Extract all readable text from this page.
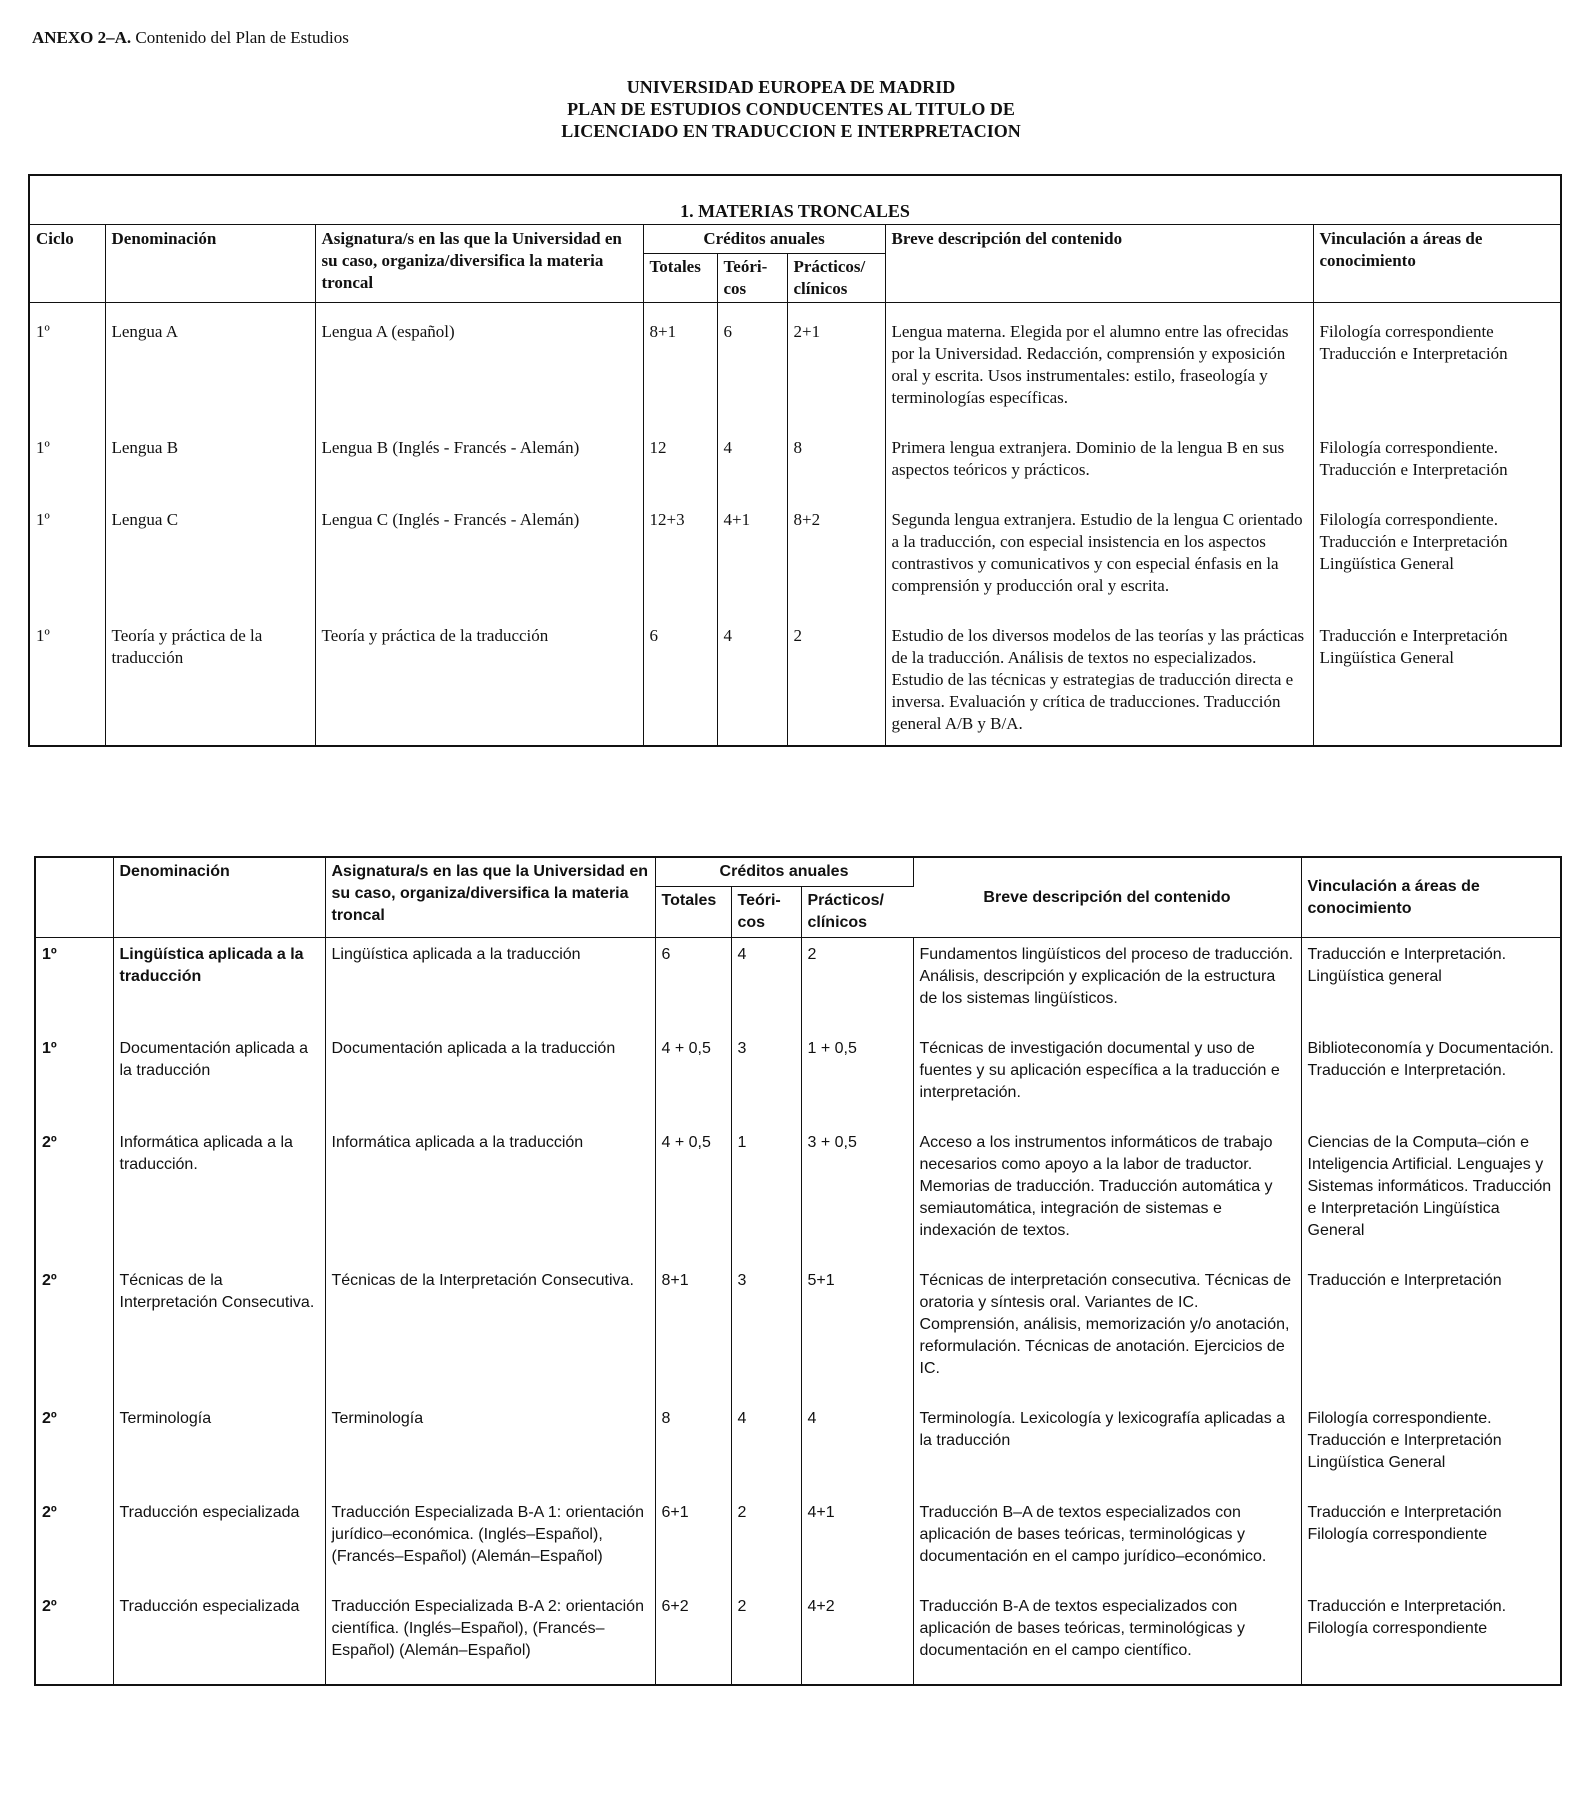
ANEXO 2–A. Contenido del Plan de Estudios
UNIVERSIDAD EUROPEA DE MADRID
PLAN DE ESTUDIOS CONDUCENTES AL TITULO DE
LICENCIADO EN TRADUCCION E INTERPRETACION
1. MATERIAS TRONCALES							
Ciclo	Denominación	Asignatura/s en las que la Universidad en su caso, organiza/diversifica la materia troncal	Créditos anuales			Breve descripción del contenido	Vinculación a áreas de conocimiento
			Totales	Teóri-cos	Prácticos/ clínicos		
1º	Lengua A	Lengua A (español)	8+1	6	2+1	Lengua materna. Elegida por el alumno entre las ofrecidas por la Universidad. Redacción, comprensión y exposición oral y escrita. Usos instrumentales: estilo, fraseología y terminologías específicas.	Filología correspondiente Traducción e Interpretación
1º	Lengua B	Lengua B (Inglés - Francés - Alemán)	12	4	8	Primera lengua extranjera. Dominio de la lengua B en sus aspectos teóricos y prácticos.	Filología correspondiente. Traducción e Interpretación
1º	Lengua C	Lengua C (Inglés - Francés - Alemán)	12+3	4+1	8+2	Segunda lengua extranjera. Estudio de la lengua C orientado a la traducción, con especial insistencia en los aspectos contrastivos y comunicativos y con especial énfasis en la comprensión y producción oral y escrita.	Filología correspondiente. Traducción e Interpretación Lingüística General
1º	Teoría y práctica de la traducción	Teoría y práctica de la traducción	6	4	2	Estudio de los diversos modelos de las teorías y las prácticas de la traducción. Análisis de textos no especializados. Estudio de las técnicas y estrategias de traducción directa e inversa. Evaluación y crítica de traducciones. Traducción general A/B y B/A.	Traducción e Interpretación Lingüística General
	Denominación	Asignatura/s en las que la Universidad en su caso, organiza/diversifica la materia troncal	Créditos anuales			Breve descripción del contenido	Vinculación a áreas de conocimiento
			Totales	Teóri-cos	Prácticos/ clínicos		
1º	Lingüística aplicada a la traducción	Lingüística aplicada a la traducción	6	4	2	Fundamentos lingüísticos del proceso de traducción. Análisis, descripción y explicación de la estructura de los sistemas lingüísticos.	Traducción e Interpretación. Lingüística general
1º	Documentación aplicada a la traducción	Documentación aplicada a la traducción	4 + 0,5	3	1 + 0,5	Técnicas de investigación documental y uso de fuentes y su aplicación específica a la traducción e interpretación.	Biblioteconomía y Documentación. Traducción e Interpretación.
2º	Informática aplicada a la traducción.	Informática aplicada a la traducción	4 + 0,5	1	3 + 0,5	Acceso a los instrumentos informáticos de trabajo necesarios como apoyo a la labor de traductor. Memorias de traducción. Traducción automática y semiautomática, integración de sistemas e indexación de textos.	Ciencias de la Computa–ción e Inteligencia Artificial. Lenguajes y Sistemas informáticos. Traducción e Interpretación Lingüística General
2º	Técnicas de la Interpretación Consecutiva.	Técnicas de la Interpretación Consecutiva.	8+1	3	5+1	Técnicas de interpretación consecutiva. Técnicas de oratoria y síntesis oral. Variantes de IC. Comprensión, análisis, memorización y/o anotación, reformulación. Técnicas de anotación. Ejercicios de IC.	Traducción e Interpretación
2º	Terminología	Terminología	8	4	4	Terminología. Lexicología y lexicografía aplicadas a la traducción	Filología correspondiente. Traducción e Interpretación Lingüística General
2º	Traducción especializada	Traducción Especializada B-A 1: orientación jurídico–económica. (Inglés–Español), (Francés–Español) (Alemán–Español)	6+1	2	4+1	Traducción B–A de textos especializados con aplicación de bases teóricas, terminológicas y documentación en el campo jurídico–económico.	Traducción e Interpretación Filología correspondiente
2º	Traducción especializada	Traducción Especializada B-A 2: orientación científica. (Inglés–Español), (Francés–Español) (Alemán–Español)	6+2	2	4+2	Traducción B-A de textos especializados con aplicación de bases teóricas, terminológicas y documentación en el campo científico.	Traducción e Interpretación. Filología correspondiente
